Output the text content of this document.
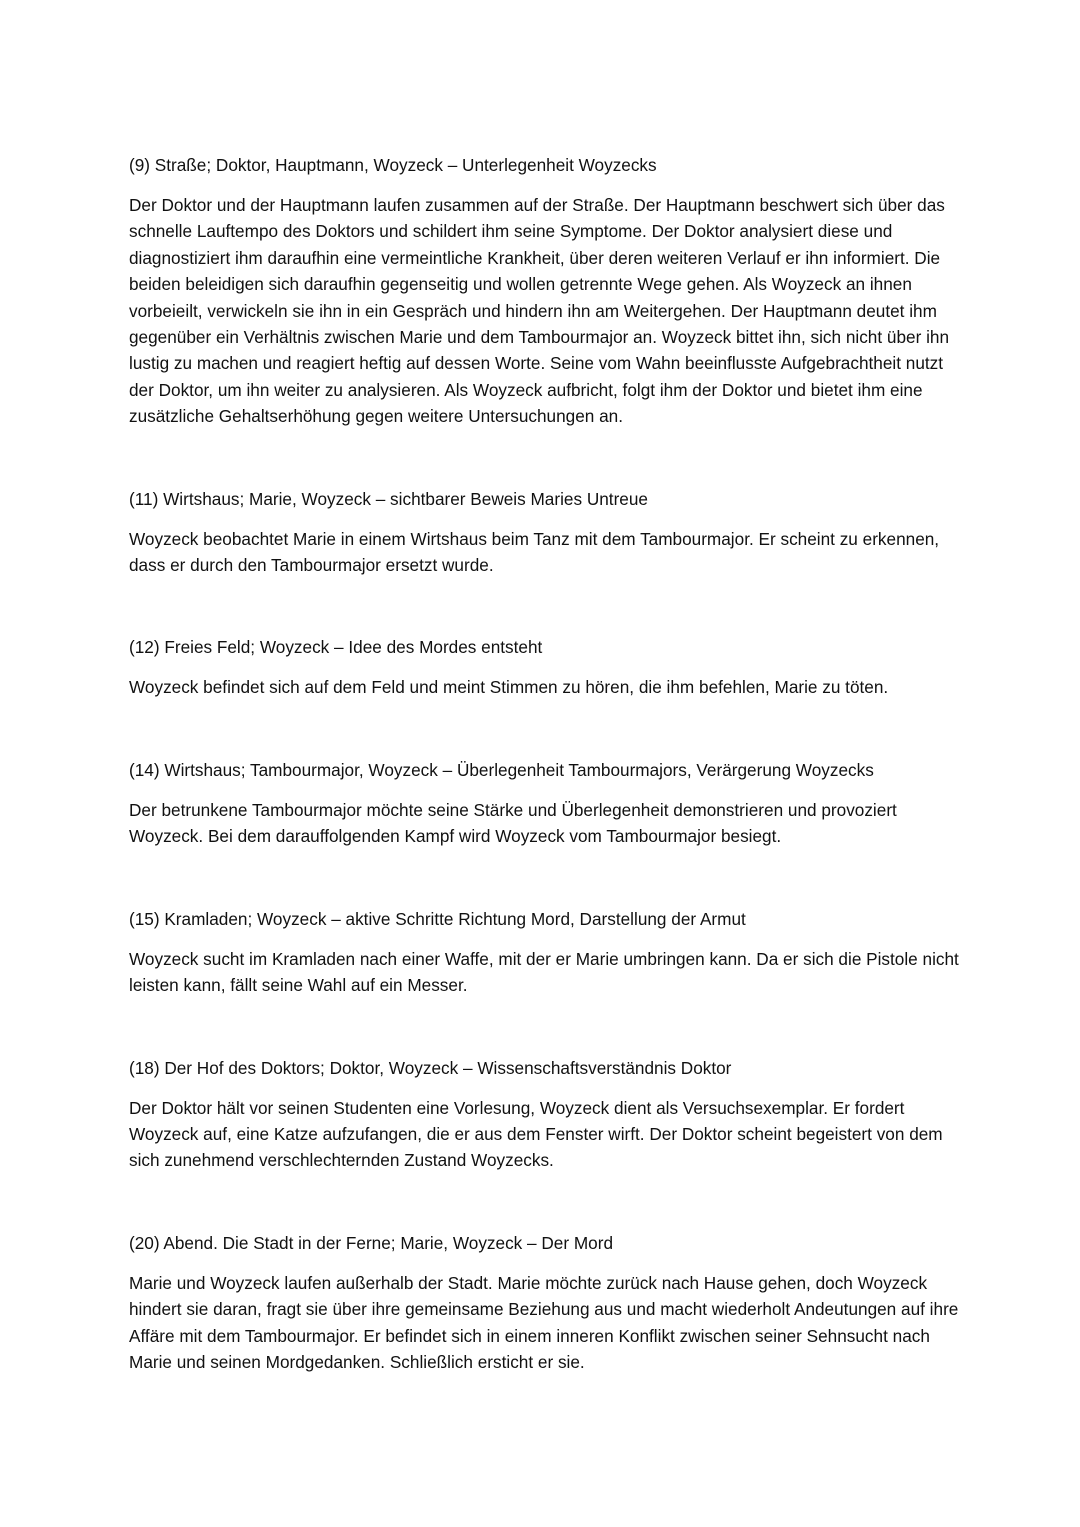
(9) Straße; Doktor, Hauptmann, Woyzeck – Unterlegenheit Woyzecks

Der Doktor und der Hauptmann laufen zusammen auf der Straße. Der Hauptmann beschwert sich über das schnelle Lauftempo des Doktors und schildert ihm seine Symptome. Der Doktor analysiert diese und diagnostiziert ihm daraufhin eine vermeintliche Krankheit, über deren weiteren Verlauf er ihn informiert. Die beiden beleidigen sich daraufhin gegenseitig und wollen getrennte Wege gehen. Als Woyzeck an ihnen vorbeieilt, verwickeln sie ihn in ein Gespräch und hindern ihn am Weitergehen. Der Hauptmann deutet ihm gegenüber ein Verhältnis zwischen Marie und dem Tambourmajor an. Woyzeck bittet ihn, sich nicht über ihn lustig zu machen und reagiert heftig auf dessen Worte. Seine vom Wahn beeinflusste Aufgebrachtheit nutzt der Doktor, um ihn weiter zu analysieren. Als Woyzeck aufbricht, folgt ihm der Doktor und bietet ihm eine zusätzliche Gehaltserhöhung gegen weitere Untersuchungen an.

(11) Wirtshaus; Marie, Woyzeck – sichtbarer Beweis Maries Untreue

Woyzeck beobachtet Marie in einem Wirtshaus beim Tanz mit dem Tambourmajor. Er scheint zu erkennen, dass er durch den Tambourmajor ersetzt wurde.

(12) Freies Feld; Woyzeck – Idee des Mordes entsteht

Woyzeck befindet sich auf dem Feld und meint Stimmen zu hören, die ihm befehlen, Marie zu töten.

(14) Wirtshaus; Tambourmajor, Woyzeck – Überlegenheit Tambourmajors, Verärgerung Woyzecks

Der betrunkene Tambourmajor möchte seine Stärke und Überlegenheit demonstrieren und provoziert Woyzeck. Bei dem darauffolgenden Kampf wird Woyzeck vom Tambourmajor besiegt.

(15) Kramladen; Woyzeck – aktive Schritte Richtung Mord, Darstellung der Armut

Woyzeck sucht im Kramladen nach einer Waffe, mit der er Marie umbringen kann. Da er sich die Pistole nicht leisten kann, fällt seine Wahl auf ein Messer.

(18) Der Hof des Doktors; Doktor, Woyzeck – Wissenschaftsverständnis Doktor

Der Doktor hält vor seinen Studenten eine Vorlesung, Woyzeck dient als Versuchsexemplar. Er fordert Woyzeck auf, eine Katze aufzufangen, die er aus dem Fenster wirft. Der Doktor scheint begeistert von dem sich zunehmend verschlechternden Zustand Woyzecks.

(20) Abend. Die Stadt in der Ferne; Marie, Woyzeck – Der Mord

Marie und Woyzeck laufen außerhalb der Stadt. Marie möchte zurück nach Hause gehen, doch Woyzeck hindert sie daran, fragt sie über ihre gemeinsame Beziehung aus und macht wiederholt Andeutungen auf ihre Affäre mit dem Tambourmajor. Er befindet sich in einem inneren Konflikt zwischen seiner Sehnsucht nach Marie und seinen Mordgedanken. Schließlich ersticht er sie.
